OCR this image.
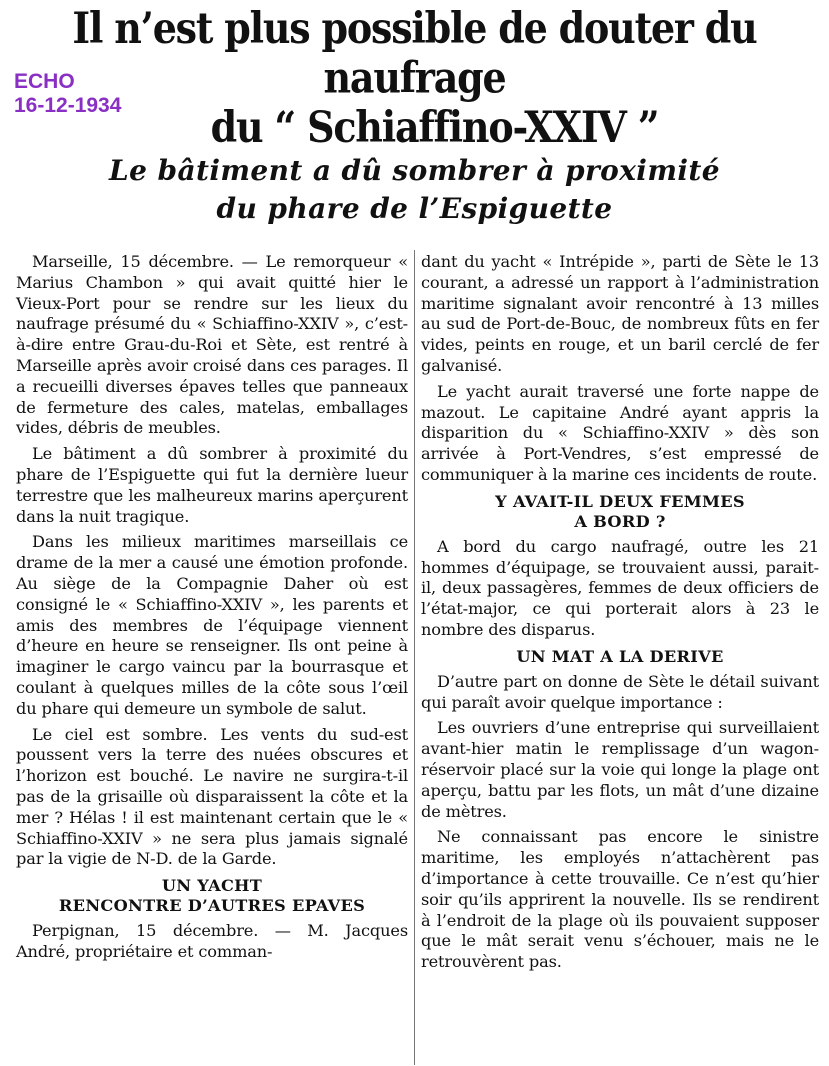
Il n’est plus possible de douter du naufrage
du “ Schiaffino-XXIV ”
ECHO
16-12-1934
Le bâtiment a dû sombrer à proximité
du phare de l’Espiguette

Marseille, 15 décembre. — Le remorqueur « Marius Chambon » qui avait quitté hier le Vieux-Port pour se rendre sur les lieux du naufrage présumé du « Schiaffino-XXIV », c’est-à-dire entre Grau-du-Roi et Sète, est rentré à Marseille après avoir croisé dans ces parages. Il a recueilli diverses épaves telles que panneaux de fermeture des cales, matelas, emballages vides, débris de meubles.

Le bâtiment a dû sombrer à proximité du phare de l’Espiguette qui fut la dernière lueur terrestre que les malheureux marins aperçurent dans la nuit tragique.

Dans les milieux maritimes marseillais ce drame de la mer a causé une émotion profonde. Au siège de la Compagnie Daher où est consigné le « Schiaffino-XXIV », les parents et amis des membres de l’équipage viennent d’heure en heure se renseigner. Ils ont peine à imaginer le cargo vaincu par la bourrasque et coulant à quelques milles de la côte sous l’œil du phare qui demeure un symbole de salut.

Le ciel est sombre. Les vents du sud-est poussent vers la terre des nuées obscures et l’horizon est bouché. Le navire ne surgira-t-il pas de la grisaille où disparaissent la côte et la mer ? Hélas ! il est maintenant certain que le « Schiaffino-XXIV » ne sera plus jamais signalé par la vigie de N-D. de la Garde.

UN YACHT
RENCONTRE D’AUTRES EPAVES

Perpignan, 15 décembre. — M. Jacques André, propriétaire et comman-

dant du yacht « Intrépide », parti de Sète le 13 courant, a adressé un rapport à l’administration maritime signalant avoir rencontré à 13 milles au sud de Port-de-Bouc, de nombreux fûts en fer vides, peints en rouge, et un baril cerclé de fer galvanisé.

Le yacht aurait traversé une forte nappe de mazout. Le capitaine André ayant appris la disparition du « Schiaffino-XXIV » dès son arrivée à Port-Vendres, s’est empressé de communiquer à la marine ces incidents de route.

Y AVAIT-IL DEUX FEMMES
A BORD ?

A bord du cargo naufragé, outre les 21 hommes d’équipage, se trouvaient aussi, parait-il, deux passagères, femmes de deux officiers de l’état-major, ce qui porterait alors à 23 le nombre des disparus.

UN MAT A LA DERIVE

D’autre part on donne de Sète le détail suivant qui paraît avoir quelque importance :

Les ouvriers d’une entreprise qui surveillaient avant-hier matin le remplissage d’un wagon-réservoir placé sur la voie qui longe la plage ont aperçu, battu par les flots, un mât d’une dizaine de mètres.

Ne connaissant pas encore le sinistre maritime, les employés n’attachèrent pas d’importance à cette trouvaille. Ce n’est qu’hier soir qu’ils apprirent la nouvelle. Ils se rendirent à l’endroit de la plage où ils pouvaient supposer que le mât serait venu s’échouer, mais ne le retrouvèrent pas.
